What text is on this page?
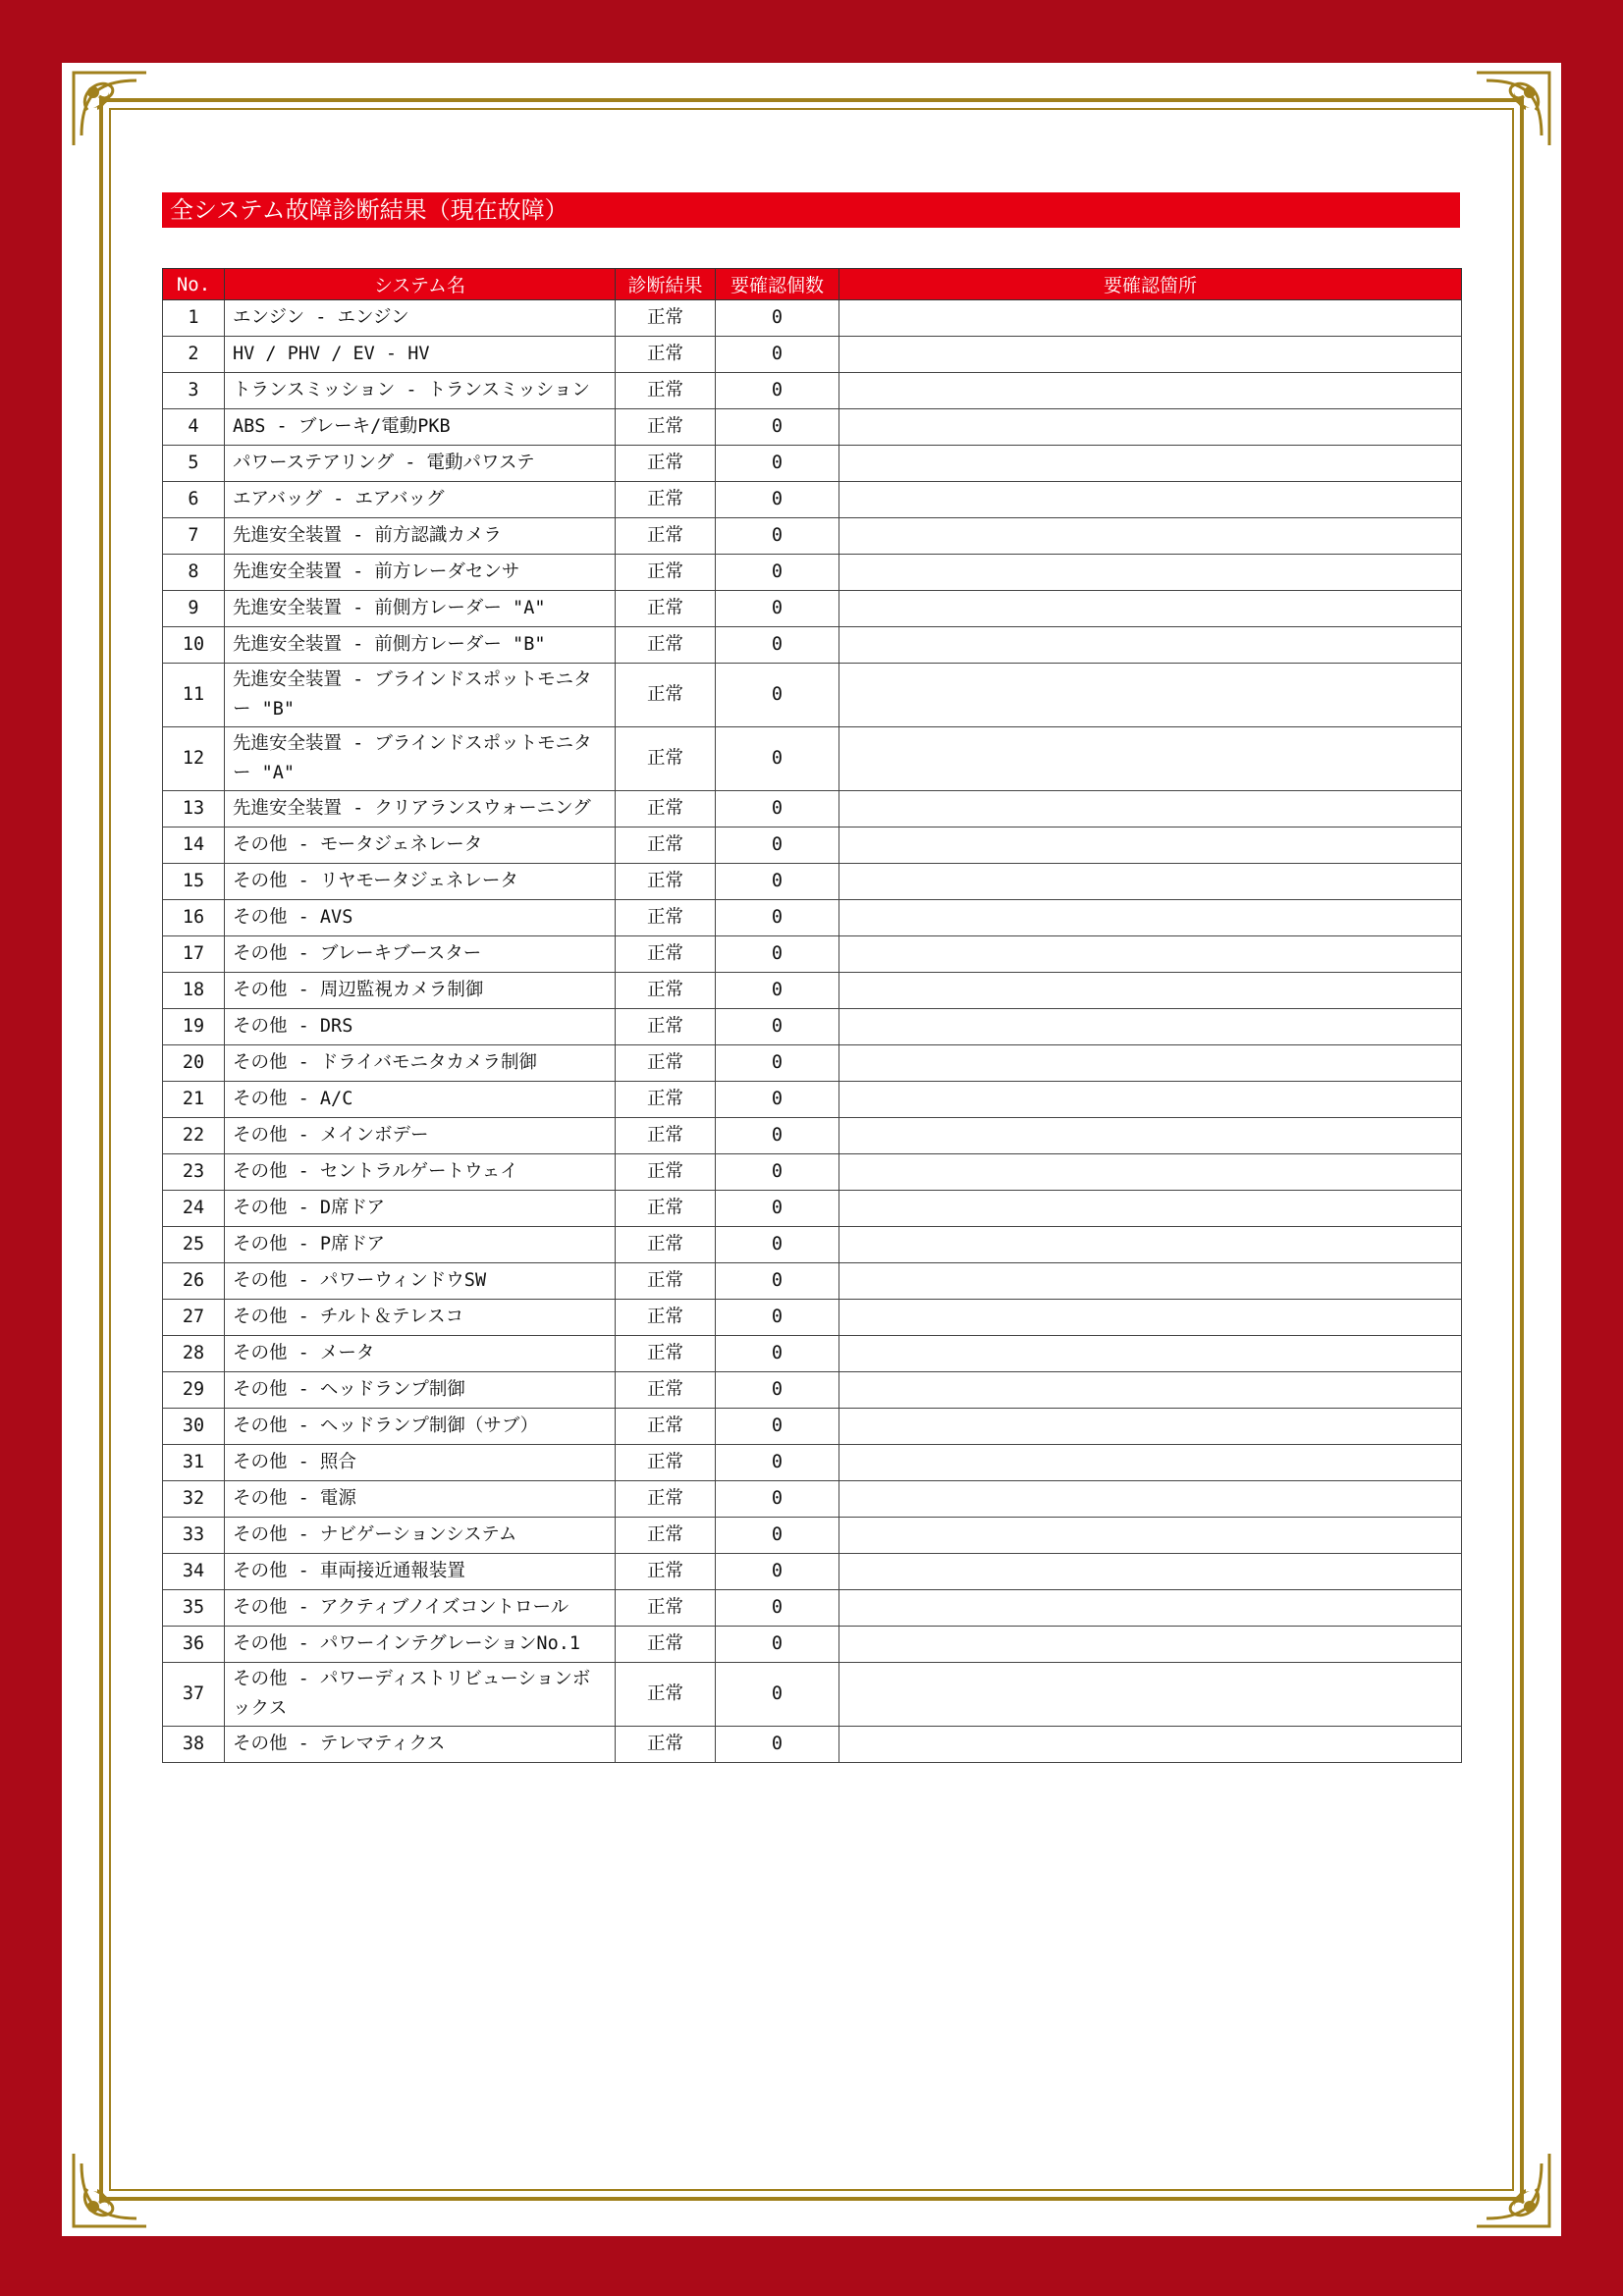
全システム故障診断結果（現在故障）
No.	システム名	診断結果	要確認個数	要確認箇所
1	エンジン - エンジン	正常	0	
2	HV / PHV / EV - HV	正常	0	
3	トランスミッション - トランスミッション	正常	0	
4	ABS - ブレーキ/電動PKB	正常	0	
5	パワーステアリング - 電動パワステ	正常	0	
6	エアバッグ - エアバッグ	正常	0	
7	先進安全装置 - 前方認識カメラ	正常	0	
8	先進安全装置 - 前方レーダセンサ	正常	0	
9	先進安全装置 - 前側方レーダー "A"	正常	0	
10	先進安全装置 - 前側方レーダー "B"	正常	0	
11	先進安全装置 - ブラインドスポットモニター "B"	正常	0	
12	先進安全装置 - ブラインドスポットモニター "A"	正常	0	
13	先進安全装置 - クリアランスウォーニング	正常	0	
14	その他 - モータジェネレータ	正常	0	
15	その他 - リヤモータジェネレータ	正常	0	
16	その他 - AVS	正常	0	
17	その他 - ブレーキブースター	正常	0	
18	その他 - 周辺監視カメラ制御	正常	0	
19	その他 - DRS	正常	0	
20	その他 - ドライバモニタカメラ制御	正常	0	
21	その他 - A/C	正常	0	
22	その他 - メインボデー	正常	0	
23	その他 - セントラルゲートウェイ	正常	0	
24	その他 - D席ドア	正常	0	
25	その他 - P席ドア	正常	0	
26	その他 - パワーウィンドウSW	正常	0	
27	その他 - チルト＆テレスコ	正常	0	
28	その他 - メータ	正常	0	
29	その他 - ヘッドランプ制御	正常	0	
30	その他 - ヘッドランプ制御（サブ）	正常	0	
31	その他 - 照合	正常	0	
32	その他 - 電源	正常	0	
33	その他 - ナビゲーションシステム	正常	0	
34	その他 - 車両接近通報装置	正常	0	
35	その他 - アクティブノイズコントロール	正常	0	
36	その他 - パワーインテグレーションNo.1	正常	0	
37	その他 - パワーディストリビューションボックス	正常	0	
38	その他 - テレマティクス	正常	0	
